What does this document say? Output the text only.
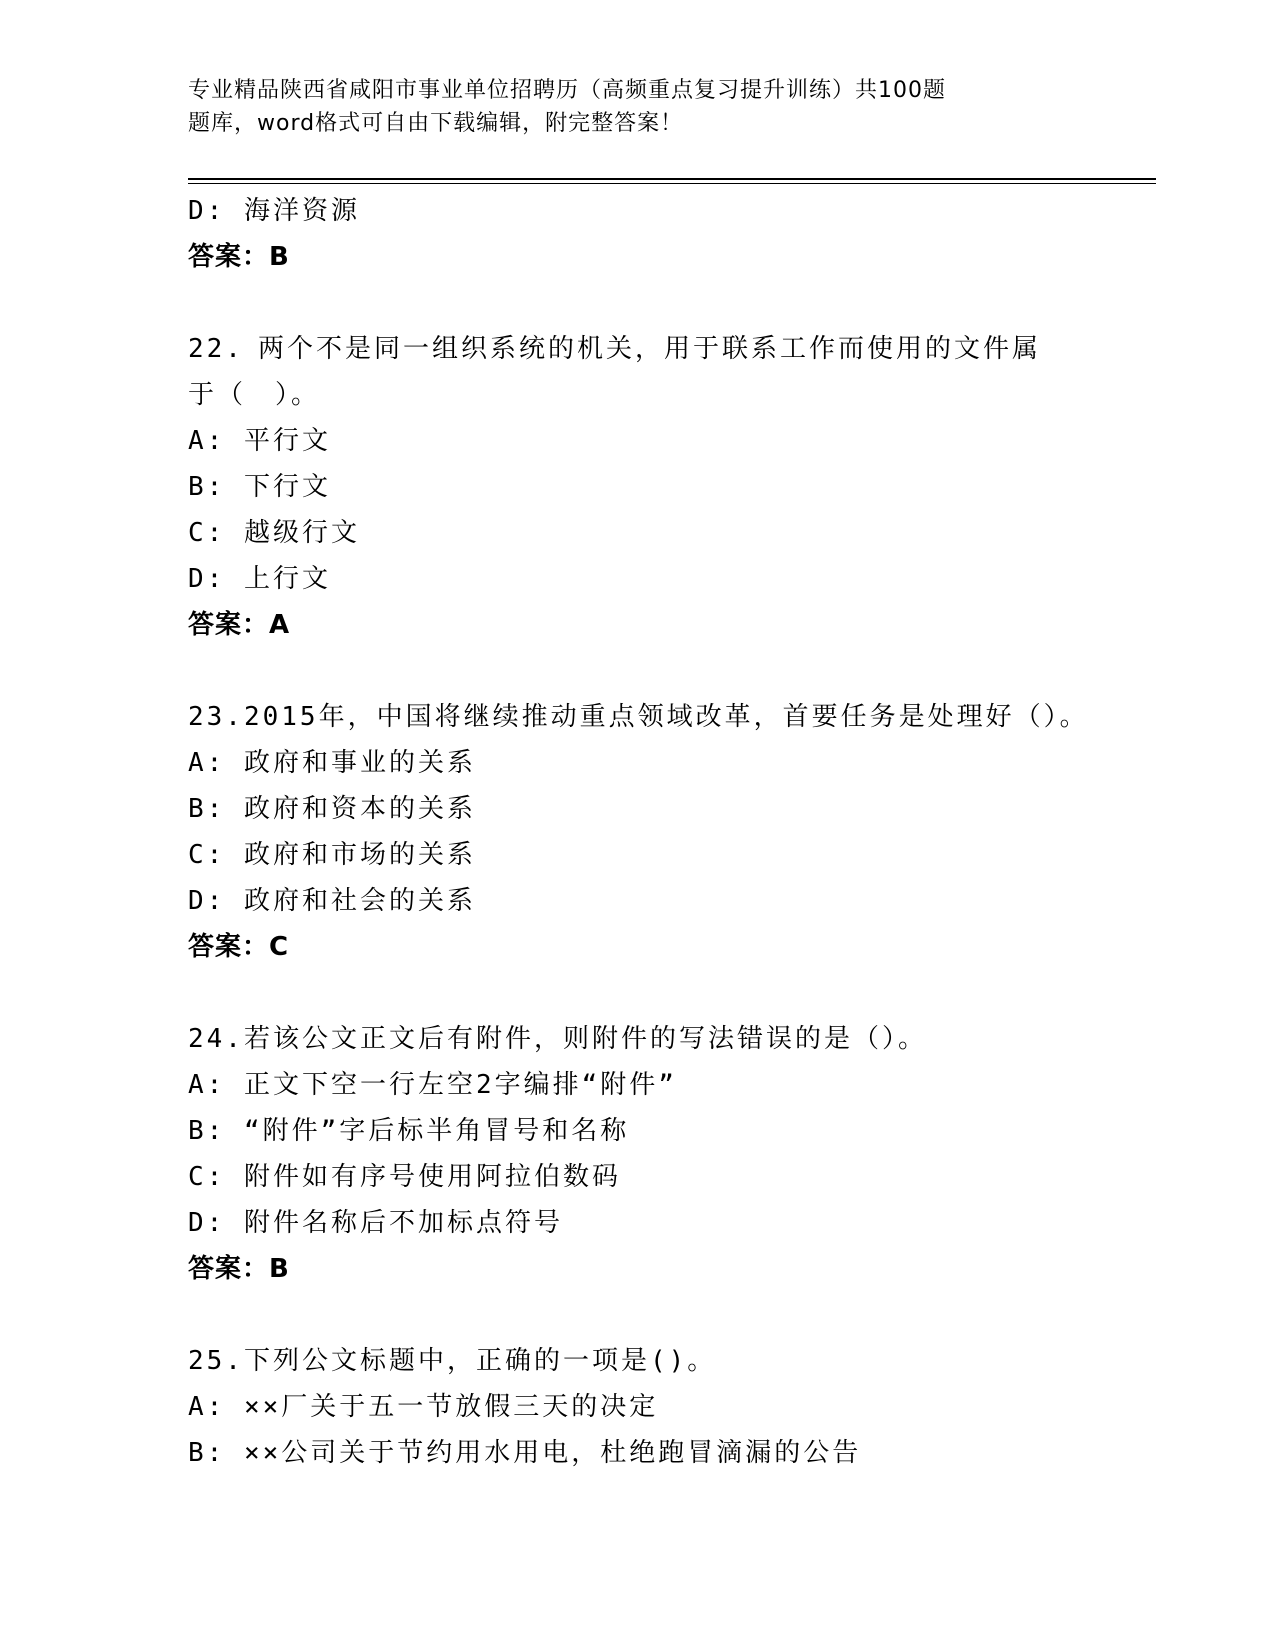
专业精品陕西省咸阳市事业单位招聘历（高频重点复习提升训练）共100题
题库，word格式可自由下载编辑，附完整答案！
D: 海洋资源
答案：B
22. 两个不是同一组织系统的机关，用于联系工作而使用的文件属
于（　）。
A: 平行文
B: 下行文
C: 越级行文
D: 上行文
答案：A
23.2015年，中国将继续推动重点领域改革，首要任务是处理好（）。
A: 政府和事业的关系
B: 政府和资本的关系
C: 政府和市场的关系
D: 政府和社会的关系
答案：C
24.若该公文正文后有附件，则附件的写法错误的是（）。
A: 正文下空一行左空2字编排“附件”
B: “附件”字后标半角冒号和名称
C: 附件如有序号使用阿拉伯数码
D: 附件名称后不加标点符号
答案：B
25.下列公文标题中，正确的一项是()。
A: ××厂关于五一节放假三天的决定
B: ××公司关于节约用水用电，杜绝跑冒滴漏的公告
